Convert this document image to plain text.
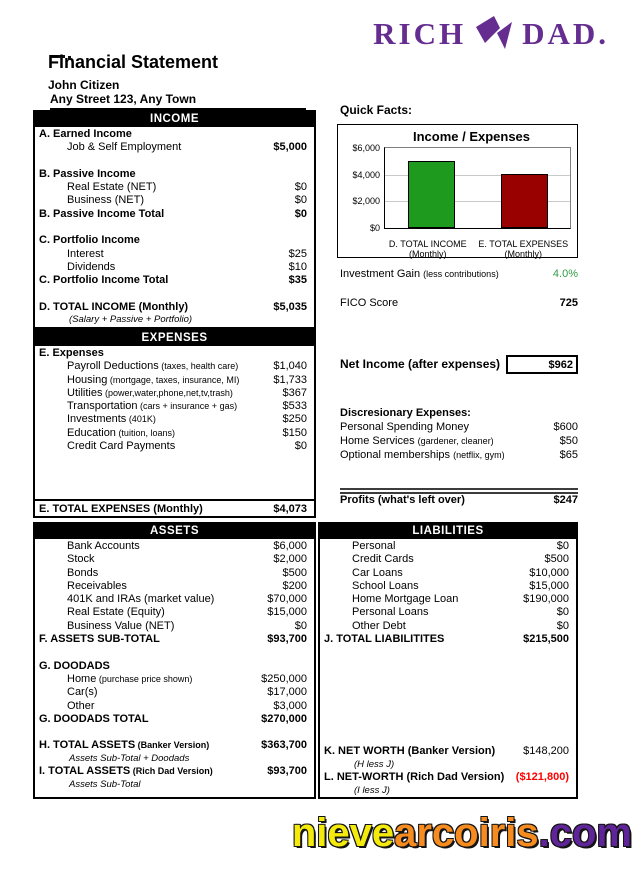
RICH DAD.
Financial Statement
John Citizen
Any Street 123, Any Town
INCOME
A. Earned Income
Job & Self Employment	$5,000
B. Passive Income
Real Estate (NET)	$0
Business (NET)	$0
B. Passive Income Total	$0
C. Portfolio Income
Interest	$25
Dividends	$10
C. Portfolio Income Total	$35
D. TOTAL INCOME (Monthly)	$5,035
(Salary + Passive + Portfolio)
EXPENSES
E. Expenses
Payroll Deductions (taxes, health care)	$1,040
Housing (mortgage, taxes, insurance, MI)	$1,733
Utilities (power,water,phone,net,tv,trash)	$367
Transportation (cars + insurance + gas)	$533
Investments (401K)	$250
Education (tuition, loans)	$150
Credit Card Payments	$0
E. TOTAL EXPENSES (Monthly)	$4,073
Quick Facts:
Income / Expenses
$6,000
$4,000
$2,000
$0
D. TOTAL INCOME
(Monthly)
E. TOTAL EXPENSES
(Monthly)
Investment Gain (less contributions)	4.0%
FICO Score	725
Net Income (after expenses)	$962
Discresionary Expenses:
Personal Spending Money	$600
Home Services (gardener, cleaner)	$50
Optional memberships (netflix, gym)	$65
Profits (what's left over)	$247
ASSETS
Bank Accounts	$6,000
Stock	$2,000
Bonds	$500
Receivables	$200
401K and IRAs (market value)	$70,000
Real Estate (Equity)	$15,000
Business Value (NET)	$0
F. ASSETS SUB-TOTAL	$93,700
G. DOODADS
Home (purchase price shown)	$250,000
Car(s)	$17,000
Other	$3,000
G. DOODADS TOTAL	$270,000
H. TOTAL ASSETS (Banker Version)	$363,700
Assets Sub-Total + Doodads
I. TOTAL ASSETS (Rich Dad Version)	$93,700
Assets Sub-Total
LIABILITIES
Personal	$0
Credit Cards	$500
Car Loans	$10,000
School Loans	$15,000
Home Mortgage Loan	$190,000
Personal Loans	$0
Other Debt	$0
J. TOTAL LIABILITITES	$215,500
K. NET WORTH (Banker Version)	$148,200
(H less J)
L. NET-WORTH (Rich Dad Version) ($121,800)
(I less J)
nievearcoiris.com
